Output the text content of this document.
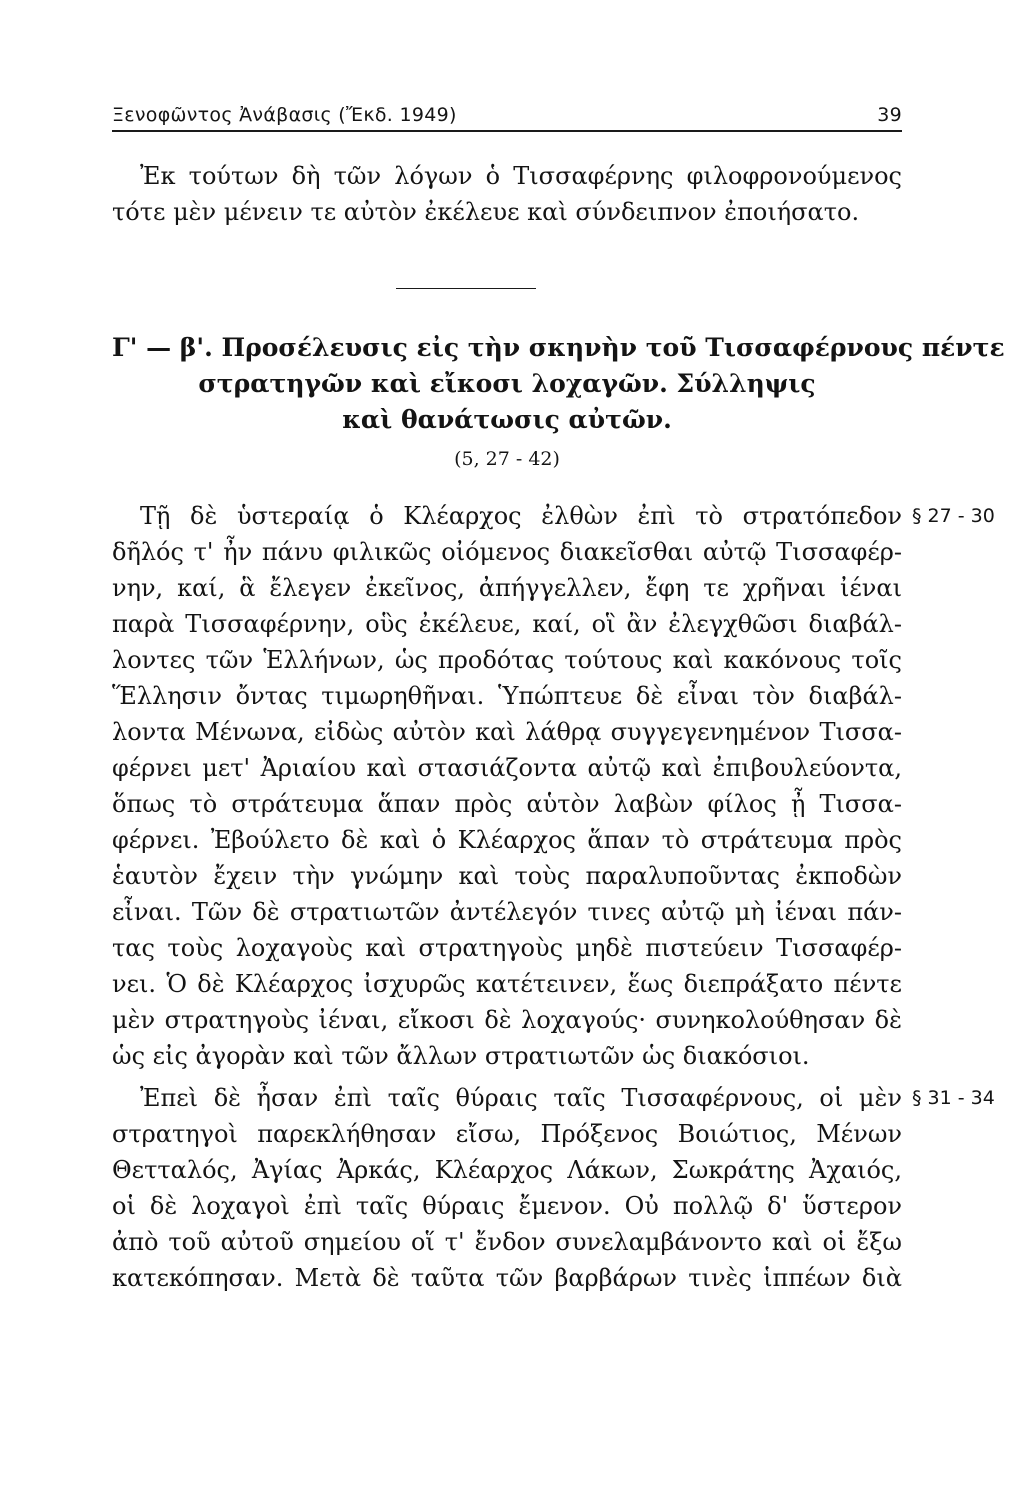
Ξενοφῶντος Ἀνάβασις (Ἔκδ. 1949)	39
Ἐκ τούτων δὴ τῶν λόγων ὁ Τισσαφέρνης φιλοφρονούμενος
τότε μὲν μένειν τε αὐτὸν ἐκέλευε καὶ σύνδειπνον ἐποιήσατο.
Γ' — β'. Προσέλευσις εἰς τὴν σκηνὴν τοῦ Τισσαφέρνους πέντε
στρατηγῶν καὶ εἴκοσι λοχαγῶν. Σύλληψις
καὶ θανάτωσις αὐτῶν.
(5, 27 - 42)
Τῇ δὲ ὑστεραίᾳ ὁ Κλέαρχος ἐλθὼν ἐπὶ τὸ στρατόπεδον § 27 - 30
δῆλός τ' ἦν πάνυ φιλικῶς οἰόμενος διακεῖσθαι αὐτῷ Τισσαφέρ-
νην, καί, ἃ ἔλεγεν ἐκεῖνος, ἀπήγγελλεν, ἔφη τε χρῆναι ἰέναι
παρὰ Τισσαφέρνην, οὓς ἐκέλευε, καί, οἳ ἂν ἐλεγχθῶσι διαβάλ-
λοντες τῶν Ἑλλήνων, ὡς προδότας τούτους καὶ κακόνους τοῖς
Ἕλλησιν ὄντας τιμωρηθῆναι. Ὑπώπτευε δὲ εἶναι τὸν διαβάλ-
λοντα Μένωνα, εἰδὼς αὐτὸν καὶ λάθρᾳ συγγεγενημένον Τισσα-
φέρνει μετ' Ἀριαίου καὶ στασιάζοντα αὐτῷ καὶ ἐπιβουλεύοντα,
ὅπως τὸ στράτευμα ἅπαν πρὸς αὑτὸν λαβὼν φίλος ᾖ Τισσα-
φέρνει. Ἐβούλετο δὲ καὶ ὁ Κλέαρχος ἅπαν τὸ στράτευμα πρὸς
ἑαυτὸν ἔχειν τὴν γνώμην καὶ τοὺς παραλυποῦντας ἐκποδὼν
εἶναι. Τῶν δὲ στρατιωτῶν ἀντέλεγόν τινες αὐτῷ μὴ ἰέναι πάν-
τας τοὺς λοχαγοὺς καὶ στρατηγοὺς μηδὲ πιστεύειν Τισσαφέρ-
νει. Ὁ δὲ Κλέαρχος ἰσχυρῶς κατέτεινεν, ἕως διεπράξατο πέντε
μὲν στρατηγοὺς ἰέναι, εἴκοσι δὲ λοχαγούς· συνηκολούθησαν δὲ
ὡς εἰς ἀγορὰν καὶ τῶν ἄλλων στρατιωτῶν ὡς διακόσιοι.
Ἐπεὶ δὲ ἦσαν ἐπὶ ταῖς θύραις ταῖς Τισσαφέρνους, οἱ μὲν § 31 - 34
στρατηγοὶ παρεκλήθησαν εἴσω, Πρόξενος Βοιώτιος, Μένων
Θετταλός, Ἀγίας Ἀρκάς, Κλέαρχος Λάκων, Σωκράτης Ἀχαιός,
οἱ δὲ λοχαγοὶ ἐπὶ ταῖς θύραις ἔμενον. Οὐ πολλῷ δ' ὕστερον
ἀπὸ τοῦ αὐτοῦ σημείου οἵ τ' ἔνδον συνελαμβάνοντο καὶ οἱ ἔξω
κατεκόπησαν. Μετὰ δὲ ταῦτα τῶν βαρβάρων τινὲς ἱππέων διὰ
